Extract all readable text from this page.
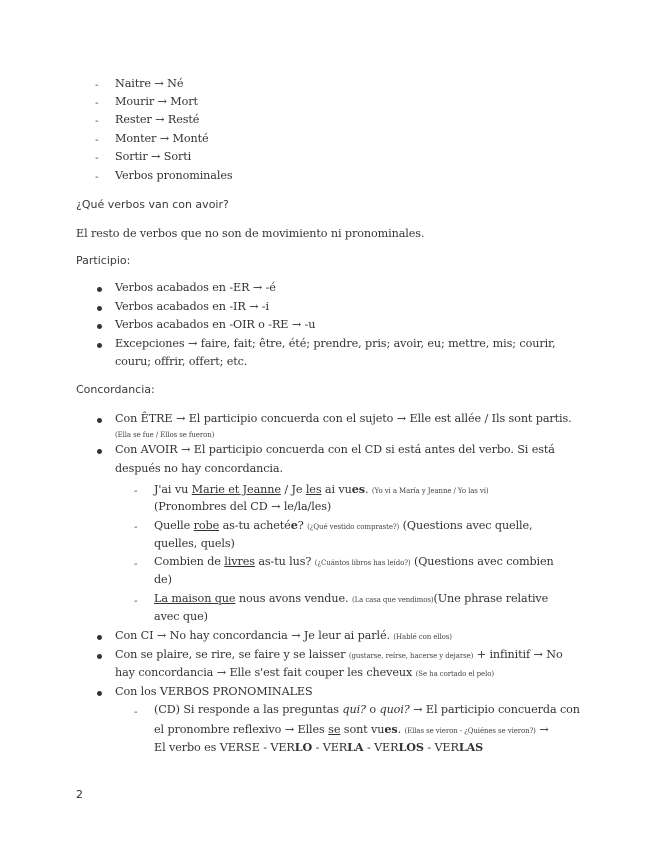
- Naitre → Né
- Mourir → Mort
- Rester → Resté
- Monter → Monté
- Sortir → Sorti
- Verbos pronominales
¿Qué verbos van con avoir?
El resto de verbos que no son de movimiento ni pronominales.
Participio:
Verbos acabados en -ER → -é
Verbos acabados en -IR → -i
Verbos acabados en -OIR o -RE → -u
Excepciones → faire, fait; être, été; prendre, pris; avoir, eu; mettre, mis; courir,
couru; offrir, offert; etc.
Concordancia:
Con ÊTRE → El participio concuerda con el sujeto → Elle est allée / Ils sont partis.
(Ella se fue / Ellos se fueron)
Con AVOIR → El participio concuerda con el CD si está antes del verbo. Si está
después no hay concordancia.
- J'ai vu Marie et Jeanne / Je les ai vues. (Yo vi a María y Jeanne / Yo las vi)
(Pronombres del CD → le/la/les)
- Quelle robe as-tu achetée? (¿Qué vestido compraste?) (Questions avec quelle,
quelles, quels)
- Combien de livres as-tu lus? (¿Cuántos libros has leído?) (Questions avec combien
de)
- La maison que nous avons vendue. (La casa que vendimos)(Une phrase relative
avec que)
Con CI → No hay concordancia → Je leur ai parlé. (Hablé con ellos)
Con se plaire, se rire, se faire y se laisser (gustarse, reírse, hacerse y dejarse) + infinitif → No
hay concordancia → Elle s'est fait couper les cheveux (Se ha cortado el pelo)
Con los VERBOS PRONOMINALES
- (CD) Si responde a las preguntas qui? o quoi? → El participio concuerda con
el pronombre reflexivo → Elles se sont vues. (Ellas se vieron - ¿Quiénes se vieron?) →
El verbo es VERSE - VERLO - VERLA - VERLOS - VERLAS
2
